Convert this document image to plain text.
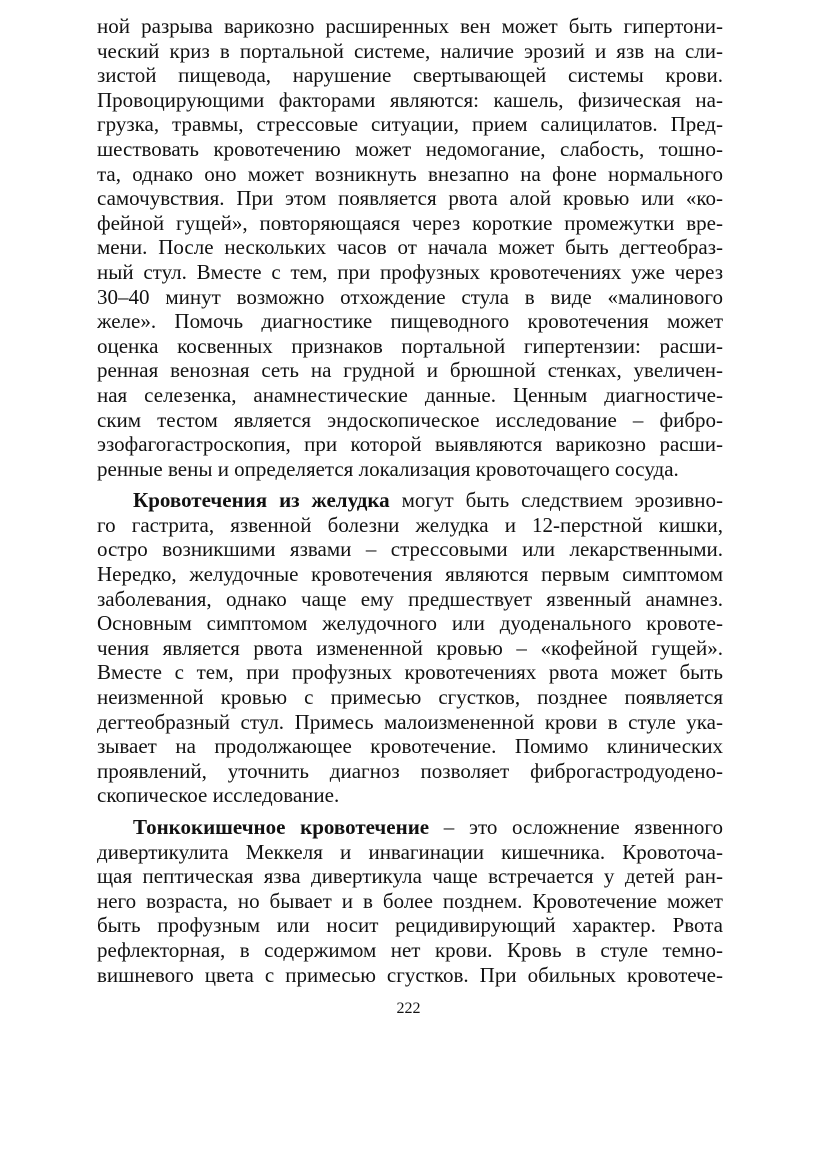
ной разрыва варикозно расширенных вен может быть гипертони-
ческий криз в портальной системе, наличие эрозий и язв на сли-
зистой пищевода, нарушение свертывающей системы крови.
Провоцирующими факторами являются: кашель, физическая на-
грузка, травмы, стрессовые ситуации, прием салицилатов. Пред-
шествовать кровотечению может недомогание, слабость, тошно-
та, однако оно может возникнуть внезапно на фоне нормального
самочувствия. При этом появляется рвота алой кровью или «ко-
фейной гущей», повторяющаяся через короткие промежутки вре-
мени. После нескольких часов от начала может быть дегтеобраз-
ный стул. Вместе с тем, при профузных кровотечениях уже через
30–40 минут возможно отхождение стула в виде «малинового
желе». Помочь диагностике пищеводного кровотечения может
оценка косвенных признаков портальной гипертензии: расши-
ренная венозная сеть на грудной и брюшной стенках, увеличен-
ная селезенка, анамнестические данные. Ценным диагностиче-
ским тестом является эндоскопическое исследование – фибро-
эзофагогастроскопия, при которой выявляются варикозно расши-
ренные вены и определяется локализация кровоточащего сосуда.
Кровотечения из желудка могут быть следствием эрозивно-
го гастрита, язвенной болезни желудка и 12-перстной кишки,
остро возникшими язвами – стрессовыми или лекарственными.
Нередко, желудочные кровотечения являются первым симптомом
заболевания, однако чаще ему предшествует язвенный анамнез.
Основным симптомом желудочного или дуоденального кровоте-
чения является рвота измененной кровью – «кофейной гущей».
Вместе с тем, при профузных кровотечениях рвота может быть
неизменной кровью с примесью сгустков, позднее появляется
дегтеобразный стул. Примесь малоизмененной крови в стуле ука-
зывает на продолжающее кровотечение. Помимо клинических
проявлений, уточнить диагноз позволяет фиброгастродуодено-
скопическое исследование.
Тонкокишечное кровотечение – это осложнение язвенного
дивертикулита Меккеля и инвагинации кишечника. Кровоточа-
щая пептическая язва дивертикула чаще встречается у детей ран-
него возраста, но бывает и в более позднем. Кровотечение может
быть профузным или носит рецидивирующий характер. Рвота
рефлекторная, в содержимом нет крови. Кровь в стуле темно-
вишневого цвета с примесью сгустков. При обильных кровотече-
222
